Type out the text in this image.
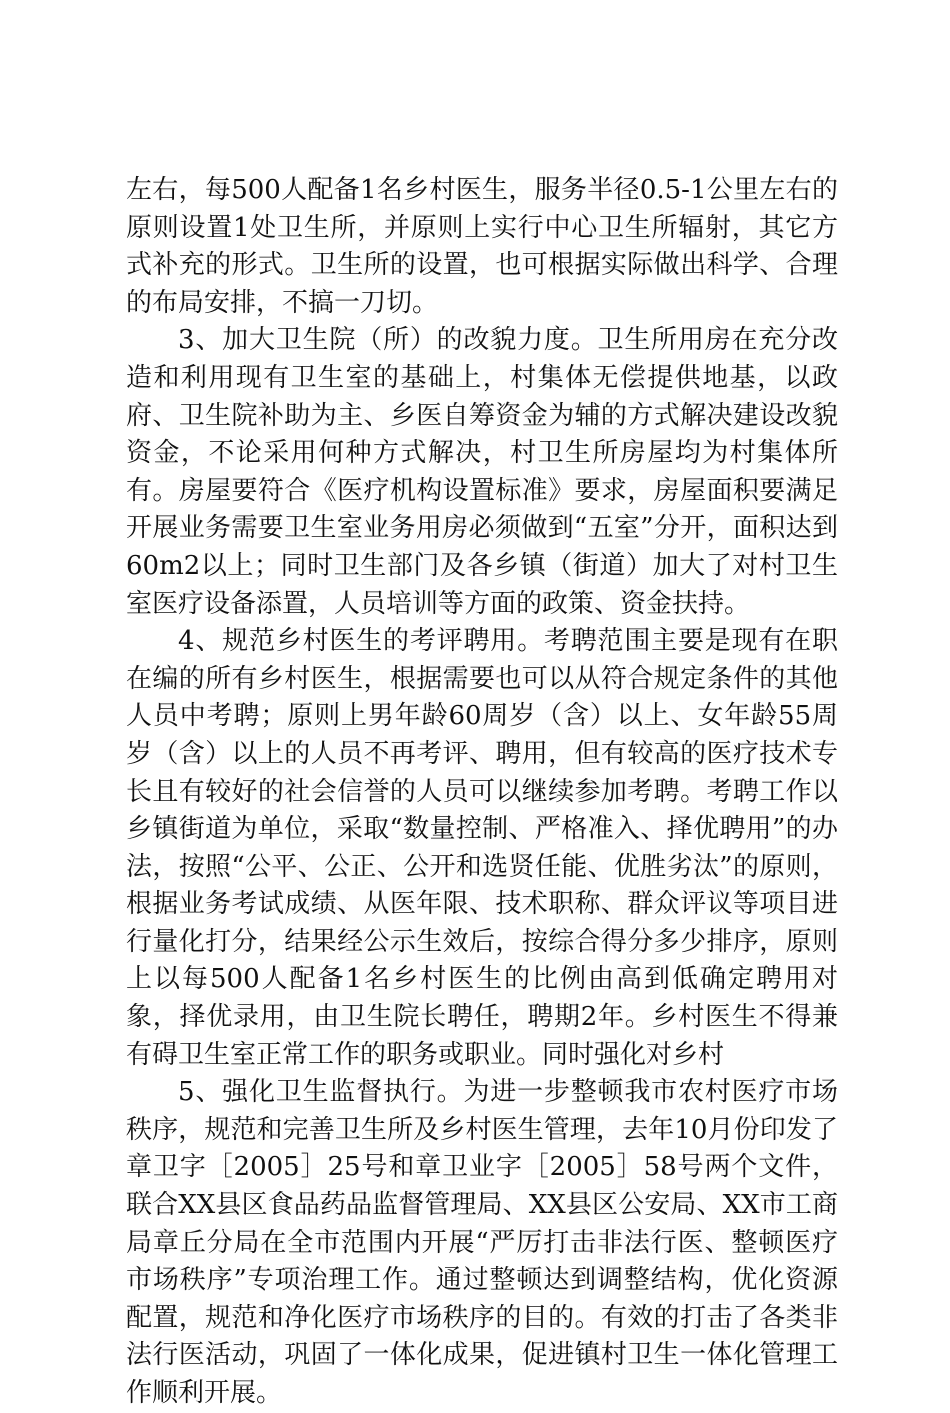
左右，每500人配备1名乡村医生，服务半径0.5-1公里左右的原则设置1处卫生所，并原则上实行中心卫生所辐射，其它方式补充的形式。卫生所的设置，也可根据实际做出科学、合理的布局安排，不搞一刀切。

3、加大卫生院（所）的改貌力度。卫生所用房在充分改造和利用现有卫生室的基础上，村集体无偿提供地基，以政府、卫生院补助为主、乡医自筹资金为辅的方式解决建设改貌资金，不论采用何种方式解决，村卫生所房屋均为村集体所有。房屋要符合《医疗机构设置标准》要求，房屋面积要满足开展业务需要卫生室业务用房必须做到“五室”分开，面积达到60m2以上；同时卫生部门及各乡镇（街道）加大了对村卫生室医疗设备添置，人员培训等方面的政策、资金扶持。

4、规范乡村医生的考评聘用。考聘范围主要是现有在职在编的所有乡村医生，根据需要也可以从符合规定条件的其他人员中考聘；原则上男年龄60周岁（含）以上、女年龄55周岁（含）以上的人员不再考评、聘用，但有较高的医疗技术专长且有较好的社会信誉的人员可以继续参加考聘。考聘工作以乡镇街道为单位，采取“数量控制、严格准入、择优聘用”的办法，按照“公平、公正、公开和选贤任能、优胜劣汰”的原则，根据业务考试成绩、从医年限、技术职称、群众评议等项目进行量化打分，结果经公示生效后，按综合得分多少排序，原则上以每500人配备1名乡村医生的比例由高到低确定聘用对象，择优录用，由卫生院长聘任，聘期2年。乡村医生不得兼有碍卫生室正常工作的职务或职业。同时强化对乡村

5、强化卫生监督执行。为进一步整顿我市农村医疗市场秩序，规范和完善卫生所及乡村医生管理，去年10月份印发了章卫字［2005］25号和章卫业字［2005］58号两个文件，联合XX县区食品药品监督管理局、XX县区公安局、XX市工商局章丘分局在全市范围内开展“严厉打击非法行医、整顿医疗市场秩序”专项治理工作。通过整顿达到调整结构，优化资源配置，规范和净化医疗市场秩序的目的。有效的打击了各类非法行医活动，巩固了一体化成果，促进镇村卫生一体化管理工作顺利开展。
